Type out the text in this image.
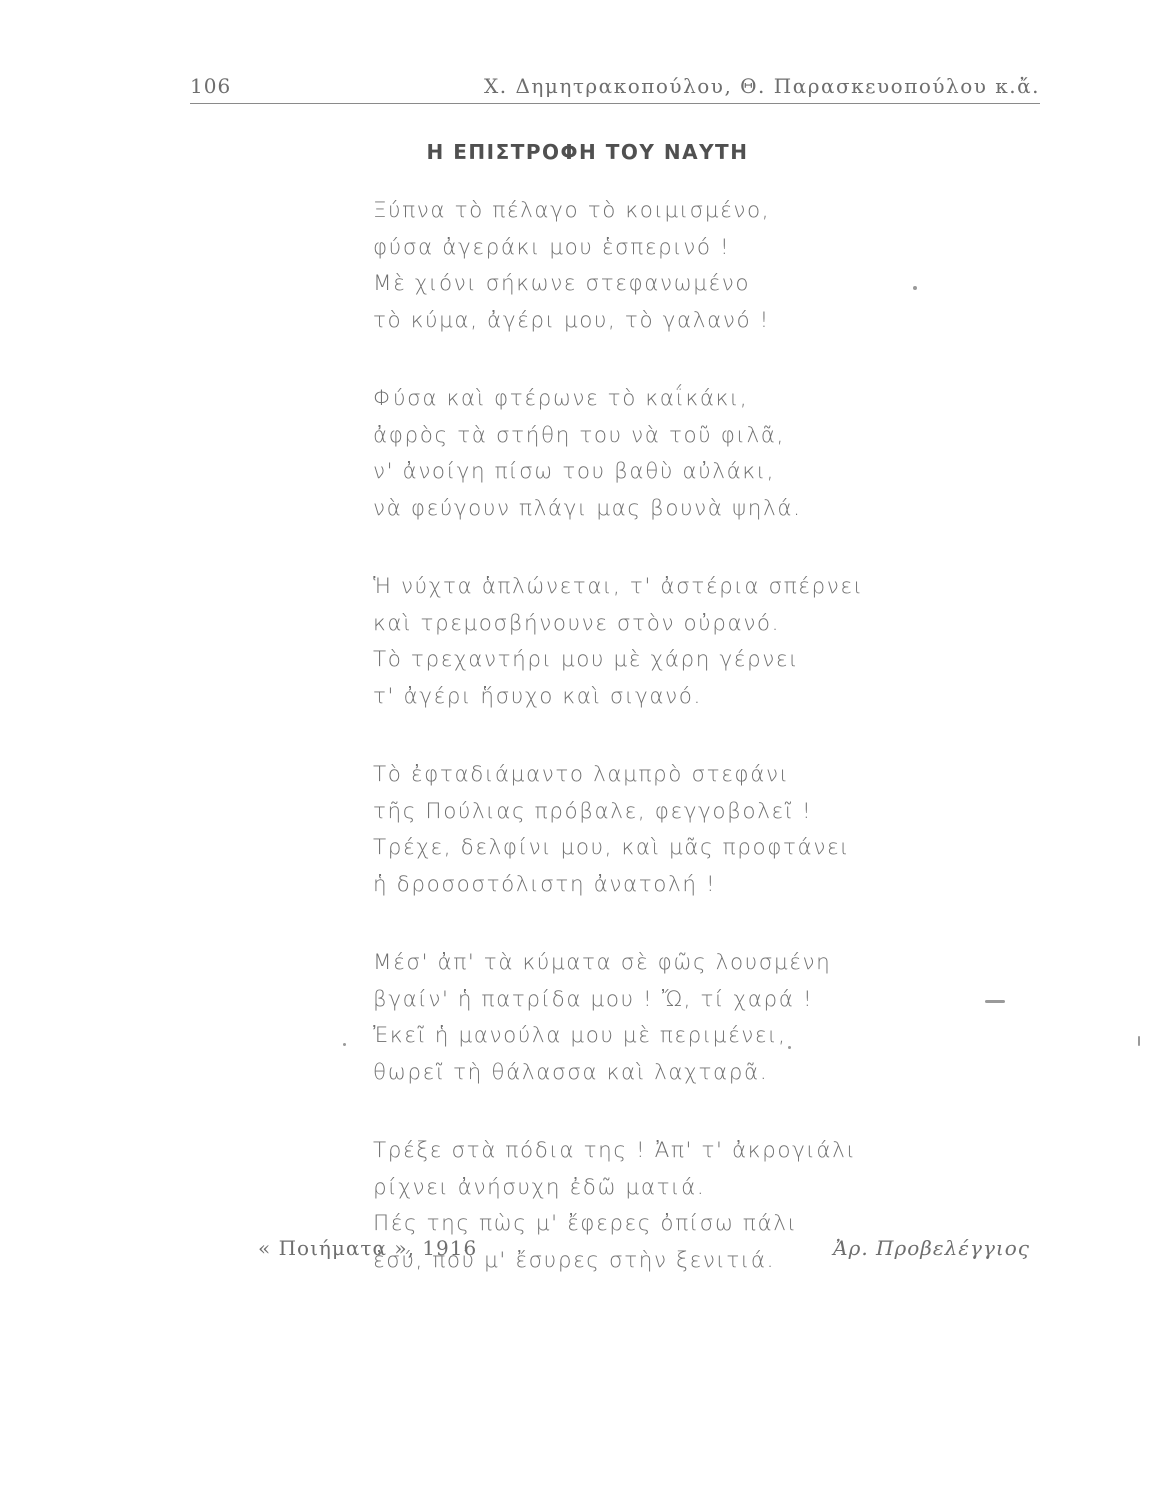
106	Χ. Δημητρακοπούλου, Θ. Παρασκευοπούλου κ.ἄ.
Η ΕΠΙΣΤΡΟΦΗ ΤΟΥ ΝΑΥΤΗ
Ξύπνα τὸ πέλαγο τὸ κοιμισμένο,
φύσα ἀγεράκι μου ἑσπερινό !
Μὲ χιόνι σήκωνε στεφανωμένο
τὸ κύμα, ἀγέρι μου, τὸ γαλανό !
Φύσα καὶ φτέρωνε τὸ καΐκάκι,
ἀφρὸς τὰ στήθη του νὰ τοῦ φιλᾶ,
ν' ἀνοίγη πίσω του βαθὺ αὐλάκι,
νὰ φεύγουν πλάγι μας βουνὰ ψηλά.
Ἡ νύχτα ἁπλώνεται, τ' ἀστέρια σπέρνει
καὶ τρεμοσβήνουνε στὸν οὐρανό.
Τὸ τρεχαντήρι μου μὲ χάρη γέρνει
τ' ἀγέρι ἥσυχο καὶ σιγανό.
Τὸ ἐφταδιάμαντο λαμπρὸ στεφάνι
τῆς Πούλιας πρόβαλε, φεγγοβολεῖ !
Τρέχε, δελφίνι μου, καὶ μᾶς προφτάνει
ἡ δροσοστόλιστη ἀνατολή !
Μέσ' ἀπ' τὰ κύματα σὲ φῶς λουσμένη
βγαίν' ἡ πατρίδα μου ! Ὤ, τί χαρά !
Ἐκεῖ ἡ μανούλα μου μὲ περιμένει,
θωρεῖ τὴ θάλασσα καὶ λαχταρᾶ.
Τρέξε στὰ πόδια της ! Ἀπ' τ' ἀκρογιάλι
ρίχνει ἀνήσυχη ἐδῶ ματιά.
Πές της πὼς μ' ἔφερες ὀπίσω πάλι
ἐσύ, ποὺ μ' ἔσυρες στὴν ξενιτιά.
« Ποιήματα », 1916	Ἀρ. Προβελέγγιος
